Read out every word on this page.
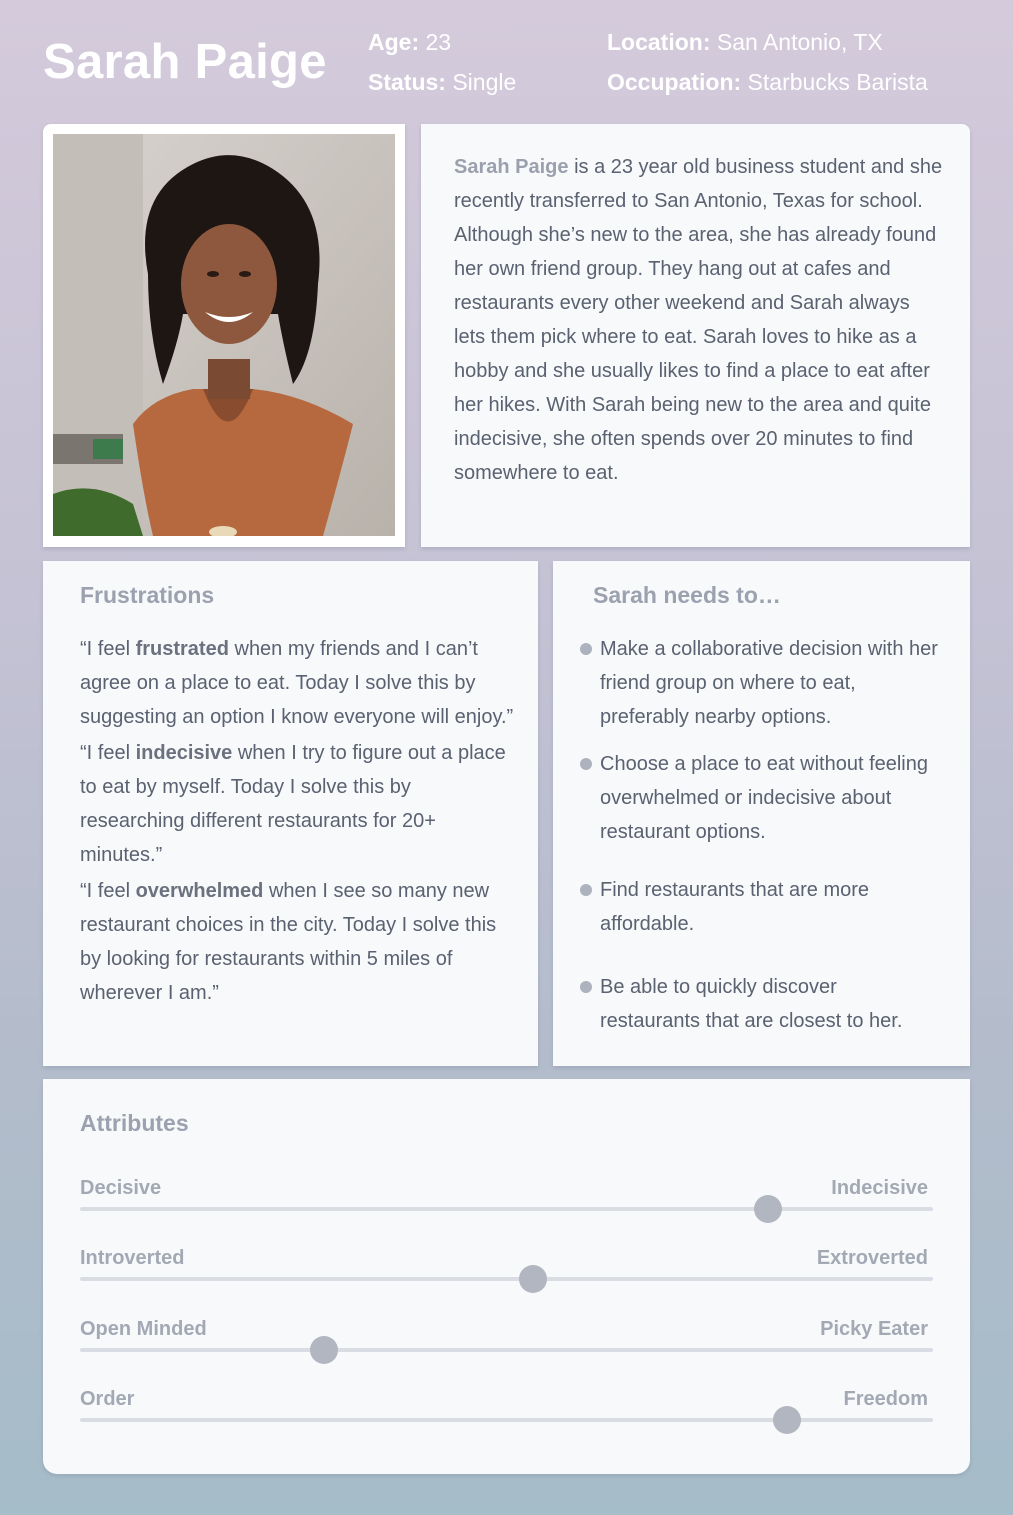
Sarah Paige Age: 23
Status: Single
Location: San Antonio, TX
Occupation: Starbucks Barista
Sarah Paige is a 23 year old business student and she recently transferred to San Antonio, Texas for school. Although she’s new to the area, she has already found her own friend group. They hang out at cafes and restaurants every other weekend and Sarah always lets them pick where to eat. Sarah loves to hike as a hobby and she usually likes to find a place to eat after her hikes. With Sarah being new to the area and quite indecisive, she often spends over 20 minutes to find somewhere to eat.
Frustrations

“I feel frustrated when my friends and I can’t agree on a place to eat. Today I solve this by suggesting an option I know everyone will enjoy.”

“I feel indecisive when I try to figure out a place to eat by myself. Today I solve this by researching different restaurants for 20+ minutes.”

“I feel overwhelmed when I see so many new restaurant choices in the city. Today I solve this by looking for restaurants within 5 miles of wherever I am.”

Sarah needs to…
Make a collaborative decision with her friend group on where to eat, preferably nearby options.
Choose a place to eat without feeling overwhelmed or indecisive about restaurant options.
Find restaurants that are more affordable.
Be able to quickly discover restaurants that are closest to her.
Attributes
Decisive	Indecisive
Introverted	Extroverted
Open Minded	Picky Eater
Order	Freedom
